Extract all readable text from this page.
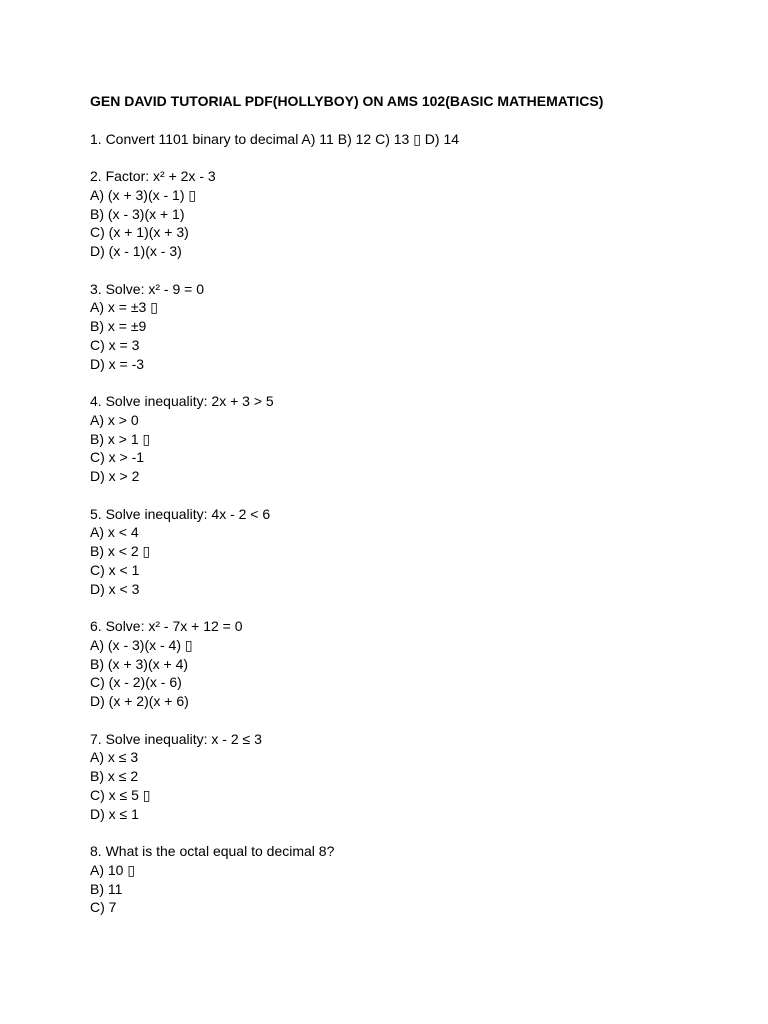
GEN DAVID TUTORIAL PDF(HOLLYBOY) ON AMS 102(BASIC MATHEMATICS)
1. Convert 1101 binary to decimal A) 11 B) 12 C) 13 ▯ D) 14
2. Factor: x² + 2x - 3
A) (x + 3)(x - 1) ▯
B) (x - 3)(x + 1)
C) (x + 1)(x + 3)
D) (x - 1)(x - 3)
3. Solve: x² - 9 = 0
A) x = ±3 ▯
B) x = ±9
C) x = 3
D) x = -3
4. Solve inequality: 2x + 3 > 5
A) x > 0
B) x > 1 ▯
C) x > -1
D) x > 2
5. Solve inequality: 4x - 2 < 6
A) x < 4
B) x < 2 ▯
C) x < 1
D) x < 3
6. Solve: x² - 7x + 12 = 0
A) (x - 3)(x - 4) ▯
B) (x + 3)(x + 4)
C) (x - 2)(x - 6)
D) (x + 2)(x + 6)
7. Solve inequality: x - 2 ≤ 3
A) x ≤ 3
B) x ≤ 2
C) x ≤ 5 ▯
D) x ≤ 1
8. What is the octal equal to decimal 8?
A) 10 ▯
B) 11
C) 7
